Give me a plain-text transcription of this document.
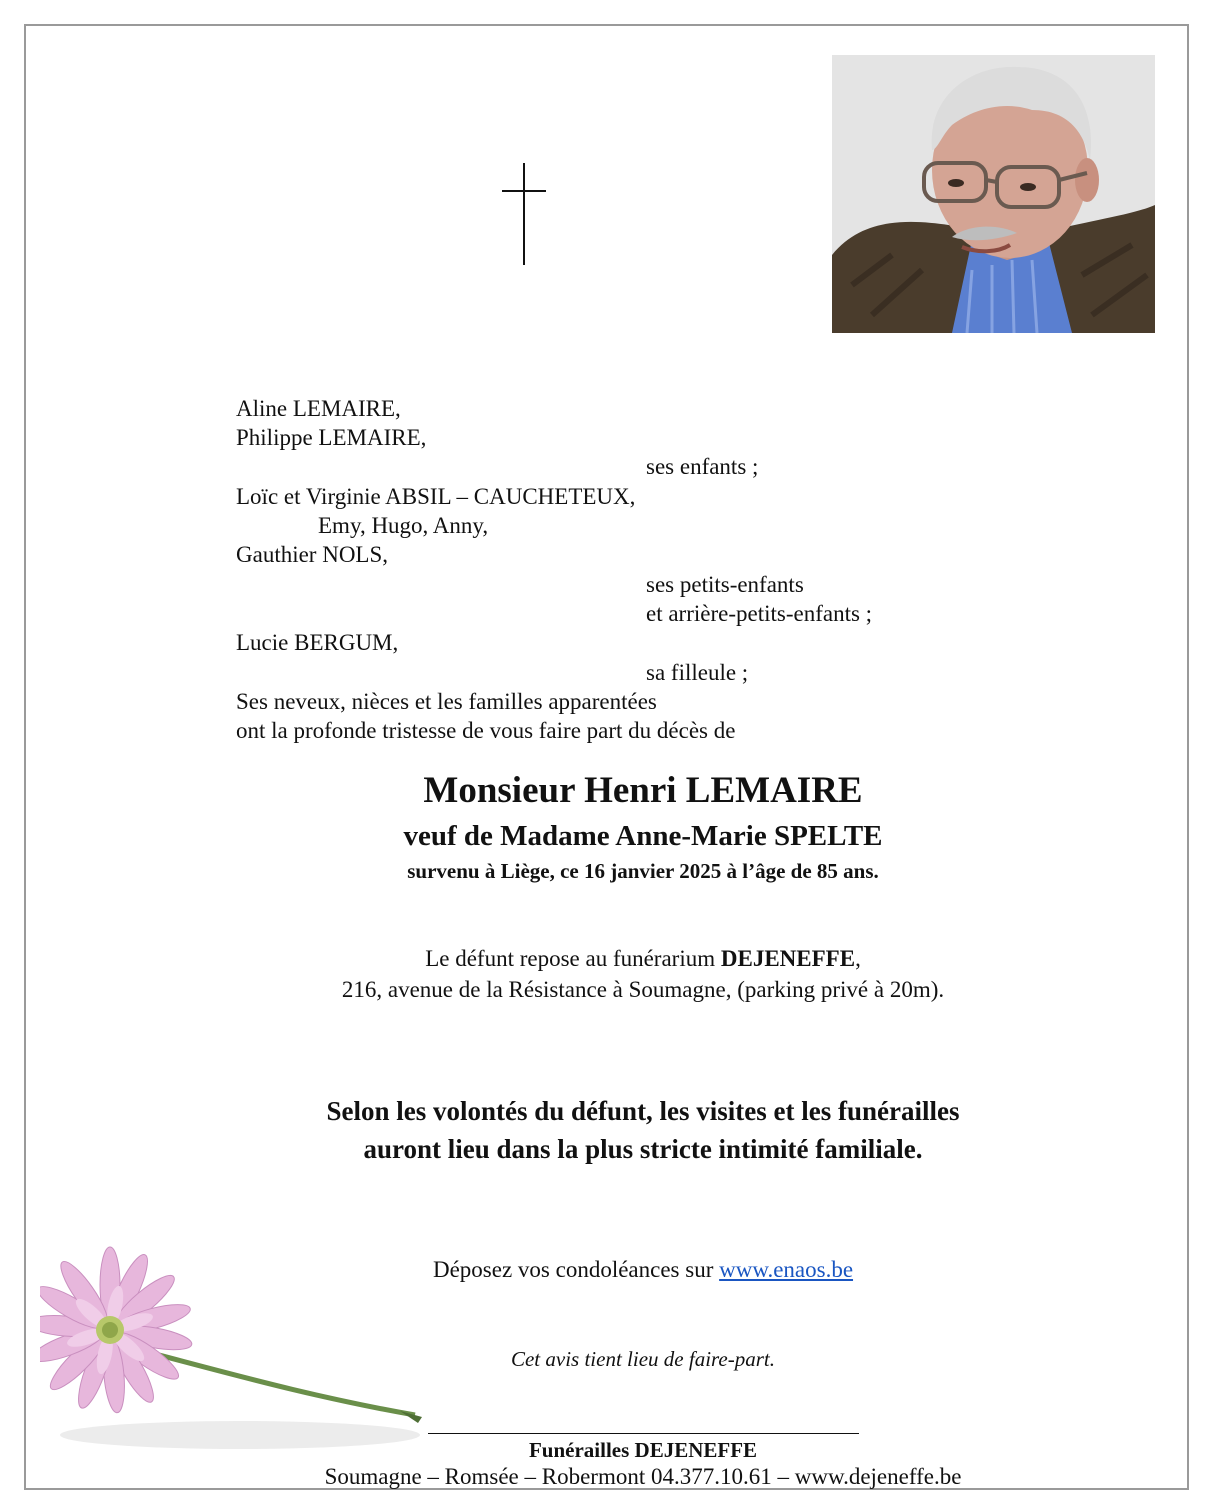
Aline LEMAIRE,
Philippe LEMAIRE,
ses enfants ;
Loïc et Virginie ABSIL – CAUCHETEUX,
Emy, Hugo, Anny,
Gauthier NOLS,
ses petits-enfants
et arrière-petits-enfants ;
Lucie BERGUM,
sa filleule ;
Ses neveux, nièces et les familles apparentées
ont la profonde tristesse de vous faire part du décès de
Monsieur Henri LEMAIRE
veuf de Madame Anne-Marie SPELTE
survenu à Liège, ce 16 janvier 2025 à l’âge de 85 ans.
Le défunt repose au funérarium DEJENEFFE,
216, avenue de la Résistance à Soumagne, (parking privé à 20m).
Selon les volontés du défunt, les visites et les funérailles
auront lieu dans la plus stricte intimité familiale.
Déposez vos condoléances sur www.enaos.be
Cet avis tient lieu de faire-part.
Funérailles DEJENEFFE
Soumagne – Romsée – Robermont 04.377.10.61 – www.dejeneffe.be
